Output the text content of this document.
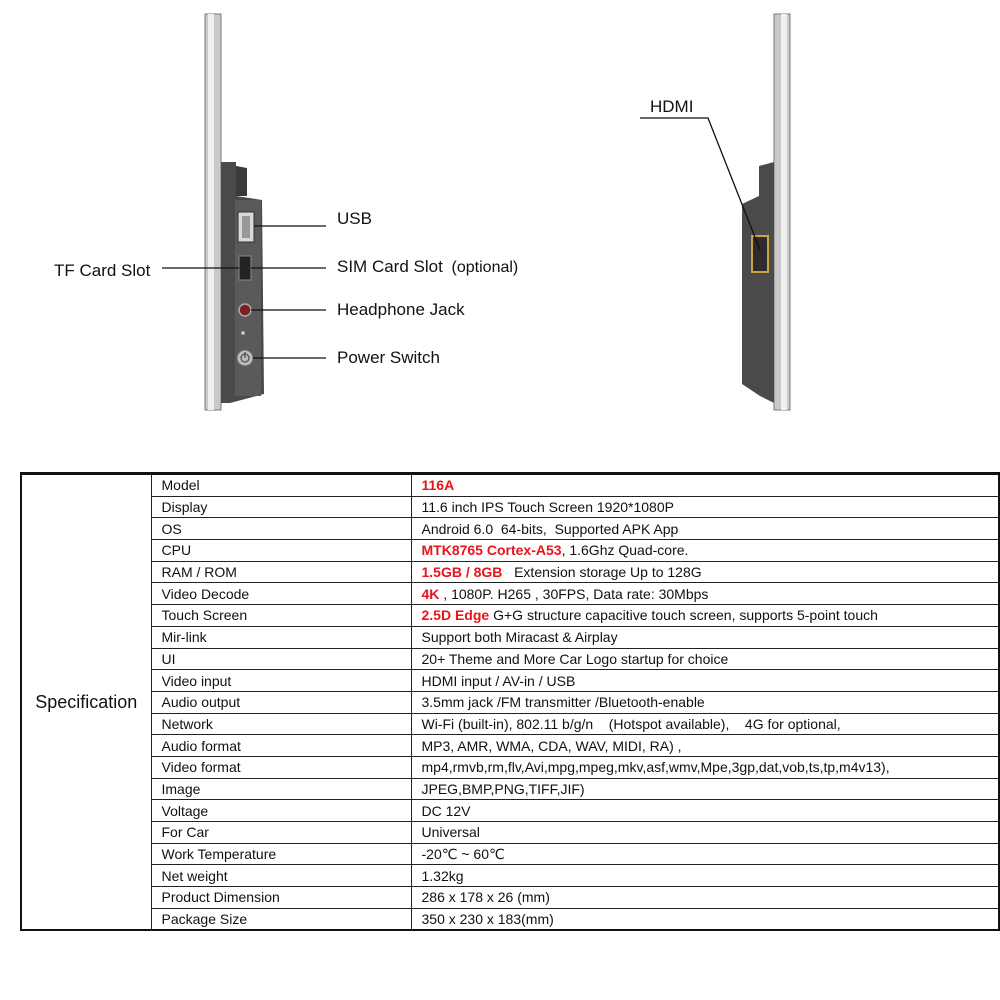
USB
TF Card Slot	SIM Card Slot (optional)
Headphone Jack
Power Switch
HDMI
Specification	Model	116A
	Display	11.6 inch IPS Touch Screen 1920*1080P
	OS	Android 6.0  64-bits,  Supported APK App
	CPU	MTK8765 Cortex-A53, 1.6Ghz Quad-core.
	RAM / ROM	1.5GB / 8GB   Extension storage Up to 128G
	Video Decode	4K , 1080P. H265 , 30FPS, Data rate: 30Mbps
	Touch Screen	2.5D Edge G+G structure capacitive touch screen, supports 5-point touch
	Mir-link	Support both Miracast & Airplay
	UI	20+ Theme and More Car Logo startup for choice
	Video input	HDMI input / AV-in / USB
	Audio output	3.5mm jack /FM transmitter /Bluetooth-enable
	Network	Wi-Fi (built-in), 802.11 b/g/n    (Hotspot available),    4G for optional,
	Audio format	MP3, AMR, WMA, CDA, WAV, MIDI, RA) ,
	Video format	mp4,rmvb,rm,flv,Avi,mpg,mpeg,mkv,asf,wmv,Mpe,3gp,dat,vob,ts,tp,m4v13),
	Image	JPEG,BMP,PNG,TIFF,JIF)
	Voltage	DC 12V
	For Car	Universal
	Work Temperature	-20℃ ~ 60℃
	Net weight	1.32kg
	Product Dimension	286 x 178 x 26 (mm)
	Package Size	350 x 230 x 183(mm)
